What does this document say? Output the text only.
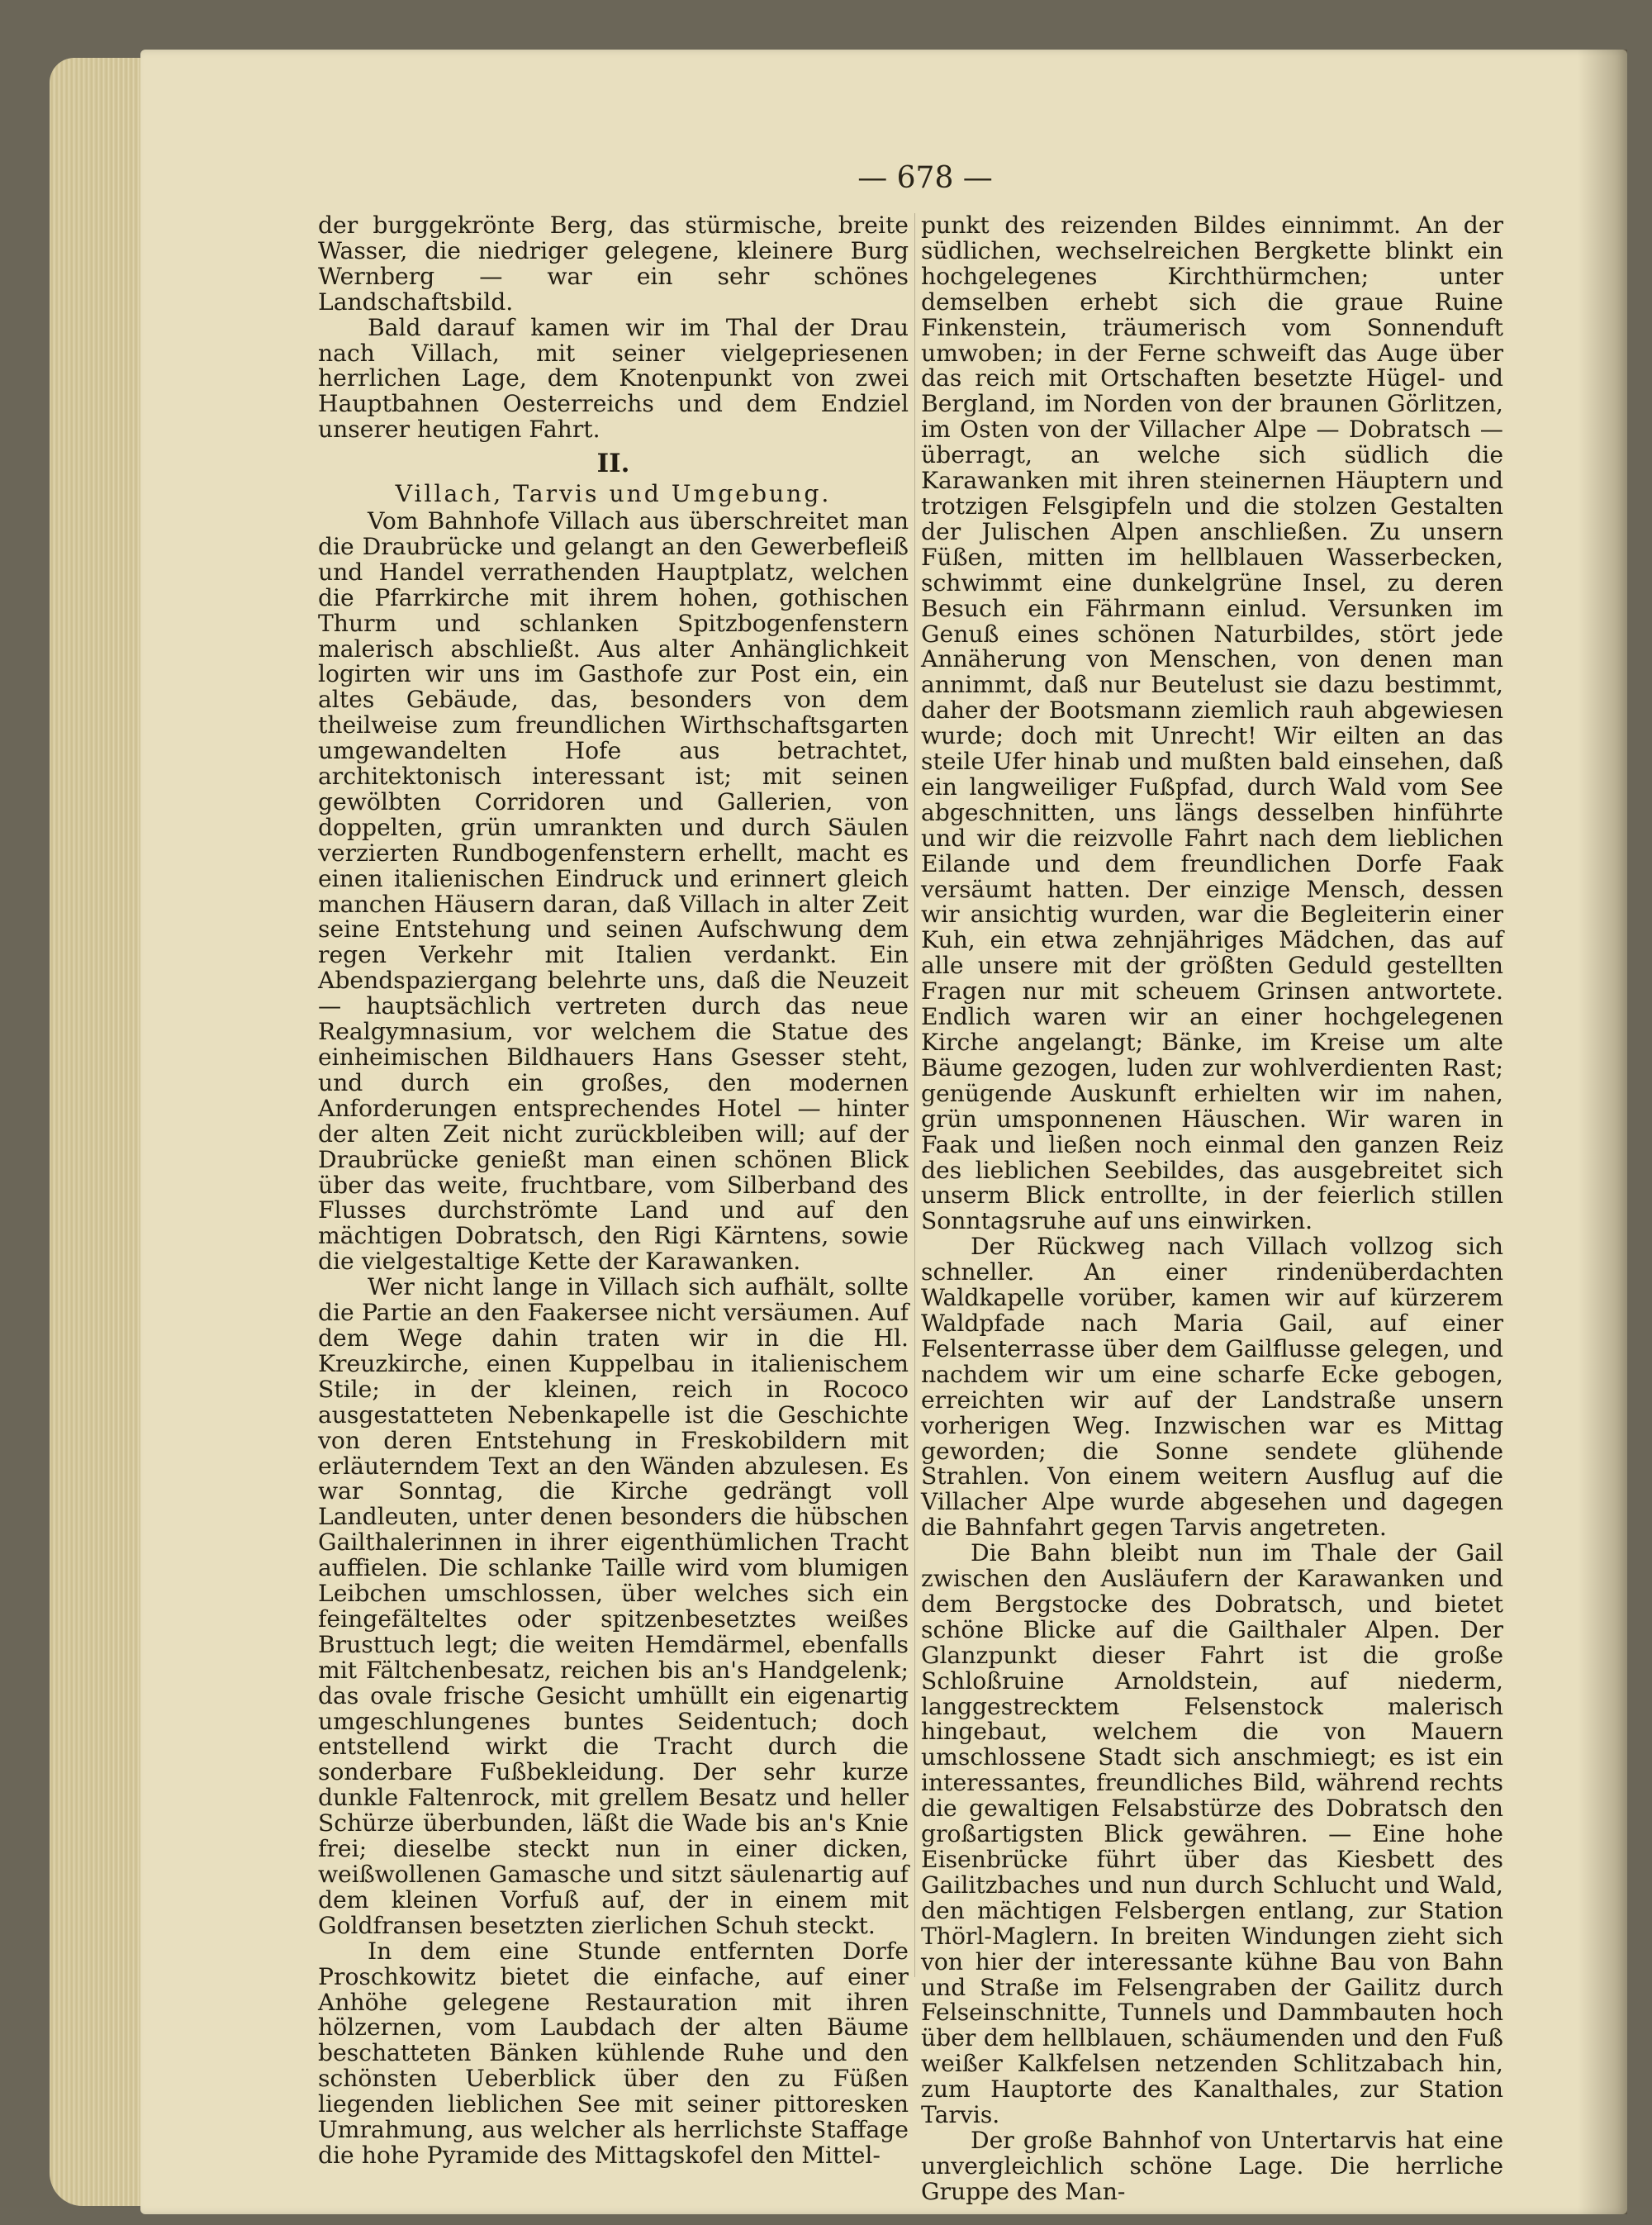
— 678 —

der burggekrönte Berg, das stürmische, breite Wasser, die niedriger gelegene, kleinere Burg Wernberg — war ein sehr schönes Landschaftsbild.

Bald darauf kamen wir im Thal der Drau nach Villach, mit seiner vielgepriesenen herrlichen Lage, dem Knotenpunkt von zwei Hauptbahnen Oesterreichs und dem Endziel unserer heutigen Fahrt.

II.
Villach, Tarvis und Umgebung.

Vom Bahnhofe Villach aus überschreitet man die Draubrücke und gelangt an den Gewerbefleiß und Handel verrathenden Hauptplatz, welchen die Pfarrkirche mit ihrem hohen, gothischen Thurm und schlanken Spitzbogenfenstern malerisch abschließt. Aus alter Anhänglichkeit logirten wir uns im Gasthofe zur Post ein, ein altes Gebäude, das, besonders von dem theilweise zum freundlichen Wirthschaftsgarten umgewandelten Hofe aus betrachtet, architektonisch interessant ist; mit seinen gewölbten Corridoren und Gallerien, von doppelten, grün umrankten und durch Säulen verzierten Rundbogenfenstern erhellt, macht es einen italienischen Eindruck und erinnert gleich manchen Häusern daran, daß Villach in alter Zeit seine Entstehung und seinen Aufschwung dem regen Verkehr mit Italien verdankt. Ein Abendspaziergang belehrte uns, daß die Neuzeit — hauptsächlich vertreten durch das neue Realgymnasium, vor welchem die Statue des einheimischen Bildhauers Hans Gsesser steht, und durch ein großes, den modernen Anforderungen entsprechendes Hotel — hinter der alten Zeit nicht zurückbleiben will; auf der Draubrücke genießt man einen schönen Blick über das weite, fruchtbare, vom Silberband des Flusses durchströmte Land und auf den mächtigen Dobratsch, den Rigi Kärntens, sowie die vielgestaltige Kette der Karawanken.

Wer nicht lange in Villach sich aufhält, sollte die Partie an den Faakersee nicht versäumen. Auf dem Wege dahin traten wir in die Hl. Kreuzkirche, einen Kuppelbau in italienischem Stile; in der kleinen, reich in Rococo ausgestatteten Nebenkapelle ist die Geschichte von deren Entstehung in Freskobildern mit erläuterndem Text an den Wänden abzulesen. Es war Sonntag, die Kirche gedrängt voll Landleuten, unter denen besonders die hübschen Gailthalerinnen in ihrer eigenthümlichen Tracht auffielen. Die schlanke Taille wird vom blumigen Leibchen umschlossen, über welches sich ein feingefälteltes oder spitzenbesetztes weißes Brusttuch legt; die weiten Hemdärmel, ebenfalls mit Fältchenbesatz, reichen bis an's Handgelenk; das ovale frische Gesicht umhüllt ein eigenartig umgeschlungenes buntes Seidentuch; doch entstellend wirkt die Tracht durch die sonderbare Fußbekleidung. Der sehr kurze dunkle Faltenrock, mit grellem Besatz und heller Schürze überbunden, läßt die Wade bis an's Knie frei; dieselbe steckt nun in einer dicken, weißwollenen Gamasche und sitzt säulenartig auf dem kleinen Vorfuß auf, der in einem mit Goldfransen besetzten zierlichen Schuh steckt.

In dem eine Stunde entfernten Dorfe Proschkowitz bietet die einfache, auf einer Anhöhe gelegene Restauration mit ihren hölzernen, vom Laubdach der alten Bäume beschatteten Bänken kühlende Ruhe und den schönsten Ueberblick über den zu Füßen liegenden lieblichen See mit seiner pittoresken Umrahmung, aus welcher als herrlichste Staffage die hohe Pyramide des Mittagskofel den Mittel-

punkt des reizenden Bildes einnimmt. An der südlichen, wechselreichen Bergkette blinkt ein hochgelegenes Kirchthürmchen; unter demselben erhebt sich die graue Ruine Finkenstein, träumerisch vom Sonnenduft umwoben; in der Ferne schweift das Auge über das reich mit Ortschaften besetzte Hügel- und Bergland, im Norden von der braunen Görlitzen, im Osten von der Villacher Alpe — Dobratsch — überragt, an welche sich südlich die Karawanken mit ihren steinernen Häuptern und trotzigen Felsgipfeln und die stolzen Gestalten der Julischen Alpen anschließen. Zu unsern Füßen, mitten im hellblauen Wasserbecken, schwimmt eine dunkelgrüne Insel, zu deren Besuch ein Fährmann einlud. Versunken im Genuß eines schönen Naturbildes, stört jede Annäherung von Menschen, von denen man annimmt, daß nur Beutelust sie dazu bestimmt, daher der Bootsmann ziemlich rauh abgewiesen wurde; doch mit Unrecht! Wir eilten an das steile Ufer hinab und mußten bald einsehen, daß ein langweiliger Fußpfad, durch Wald vom See abgeschnitten, uns längs desselben hinführte und wir die reizvolle Fahrt nach dem lieblichen Eilande und dem freundlichen Dorfe Faak versäumt hatten. Der einzige Mensch, dessen wir ansichtig wurden, war die Begleiterin einer Kuh, ein etwa zehnjähriges Mädchen, das auf alle unsere mit der größten Geduld gestellten Fragen nur mit scheuem Grinsen antwortete. Endlich waren wir an einer hochgelegenen Kirche angelangt; Bänke, im Kreise um alte Bäume gezogen, luden zur wohlverdienten Rast; genügende Auskunft erhielten wir im nahen, grün umsponnenen Häuschen. Wir waren in Faak und ließen noch einmal den ganzen Reiz des lieblichen Seebildes, das ausgebreitet sich unserm Blick entrollte, in der feierlich stillen Sonntagsruhe auf uns einwirken.

Der Rückweg nach Villach vollzog sich schneller. An einer rindenüberdachten Waldkapelle vorüber, kamen wir auf kürzerem Waldpfade nach Maria Gail, auf einer Felsenterrasse über dem Gailflusse gelegen, und nachdem wir um eine scharfe Ecke gebogen, erreichten wir auf der Landstraße unsern vorherigen Weg. Inzwischen war es Mittag geworden; die Sonne sendete glühende Strahlen. Von einem weitern Ausflug auf die Villacher Alpe wurde abgesehen und dagegen die Bahnfahrt gegen Tarvis angetreten.

Die Bahn bleibt nun im Thale der Gail zwischen den Ausläufern der Karawanken und dem Bergstocke des Dobratsch, und bietet schöne Blicke auf die Gailthaler Alpen. Der Glanzpunkt dieser Fahrt ist die große Schloßruine Arnoldstein, auf niederm, langgestrecktem Felsenstock malerisch hingebaut, welchem die von Mauern umschlossene Stadt sich anschmiegt; es ist ein interessantes, freundliches Bild, während rechts die gewaltigen Felsabstürze des Dobratsch den großartigsten Blick gewähren. — Eine hohe Eisenbrücke führt über das Kiesbett des Gailitzbaches und nun durch Schlucht und Wald, den mächtigen Felsbergen entlang, zur Station Thörl-Maglern. In breiten Windungen zieht sich von hier der interessante kühne Bau von Bahn und Straße im Felsengraben der Gailitz durch Felseinschnitte, Tunnels und Dammbauten hoch über dem hellblauen, schäumenden und den Fuß weißer Kalkfelsen netzenden Schlitzabach hin, zum Hauptorte des Kanalthales, zur Station Tarvis.

Der große Bahnhof von Untertarvis hat eine unvergleichlich schöne Lage. Die herrliche Gruppe des Man-
